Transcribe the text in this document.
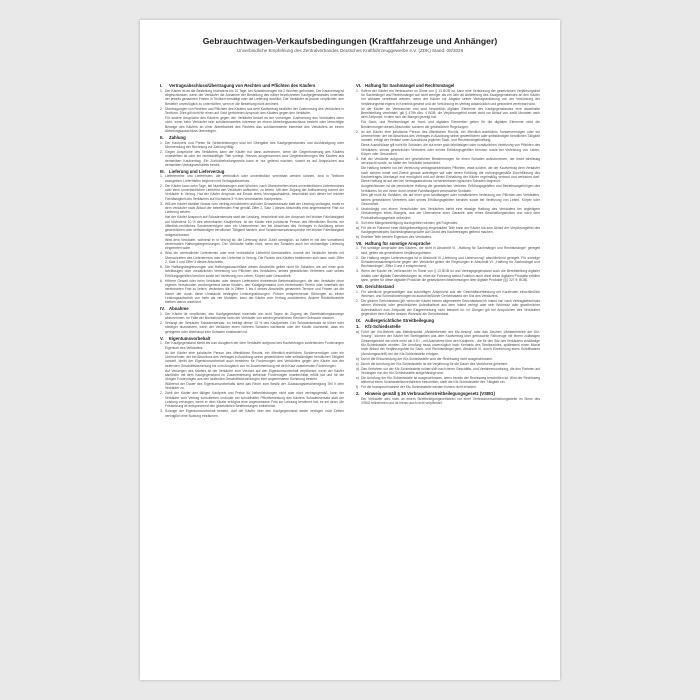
Gebrauchtwagen-Verkaufsbedingungen (Kraftfahrzeuge und Anhänger)
Unverbindliche Empfehlung des Zentralverbandes Deutsches Kraftfahrzeuggewerbe e.V. (ZDK) Stand: 08/2026
I. Vertragsabschluss/Übertragung von Rechten und Pflichten des Käufers
1. Der Käufer ist an die Bestellung höchstens bis 10 Tage, bei Nutzfahrzeugen bis 2 Wochen gebunden. Der Kaufvertrag ist abgeschlossen, wenn der Verkäufer die Annahme der Bestellung des näher bezeichneten Kaufgegenstandes innerhalb der jeweils genannten Fristen in Textform bestätigt oder die Lieferung ausführt. Der Verkäufer ist jedoch verpflichtet, den Besteller unverzüglich zu unterrichten, wenn er die Bestellung nicht annimmt.
2. Übertragungen von Rechten und Pflichten des Käufers aus dem Kaufvertrag bedürfen der Zustimmung des Verkäufers in Textform. Dies gilt nicht für einen auf Geld gerichteten Anspruch des Käufers gegen den Verkäufer.
Für andere Ansprüche des Käufers gegen den Verkäufer bedarf es der vorherigen Zustimmung des Verkäufers dann nicht, wenn beim Verkäufer kein schützenswertes Interesse an einem Abtretungsausschluss besteht oder berechtigte Belange des Käufers an einer Abtretbarkeit des Rechtes das schützenswerte Interesse des Verkäufers an einem Abtretungsausschluss überwiegen.
II. Zahlung
1. Der Kaufpreis und Preise für Nebenleistungen sind bei Übergabe des Kaufgegenstandes und Aushändigung oder Übersendung der Rechnung zur Zahlung fällig.
2. Gegen Ansprüche des Verkäufers kann der Käufer nur dann aufrechnen, wenn die Gegenforderung des Käufers unbestritten ist oder ein rechtskräftiger Titel vorliegt. Hiervon ausgenommen sind Gegenforderungen des Käufers aus demselben Kaufvertrag. Ein Zurückbehaltungsrecht kann er nur geltend machen, soweit es auf Ansprüchen aus demselben Vertragsverhältnis beruht.
III. Lieferung und Lieferverzug
1. Liefertermine und Lieferfristen, die verbindlich oder unverbindlich vereinbart werden können, sind in Textform anzugeben. Lieferfristen beginnen mit Vertragsabschluss.
2. Der Käufer kann zehn Tage, bei Nutzfahrzeugen zwei Wochen, nach Überschreiten eines unverbindlichen Liefertermines oder einer unverbindlichen Lieferfrist den Verkäufer auffordern, zu liefern. Mit dem Zugang der Aufforderung kommt der Verkäufer in Verzug. Hat der Käufer Anspruch auf Ersatz eines Verzugsschadens, beschränkt sich dieser bei leichter Fahrlässigkeit des Verkäufers auf höchstens 5 % des vereinbarten Kaufpreises.
3. Will der Käufer darüber hinaus vom Vertrag zurücktreten und/oder Schadensersatz statt der Leistung verlangen, muss er dem Verkäufer nach Ablauf der betreffenden Frist gemäß Ziffer 2, Satz 1 dieses Abschnitts eine angemessene Frist zur Lieferung setzen.
Hat der Käufer Anspruch auf Schadensersatz statt der Leistung, beschränkt sich der Anspruch bei leichter Fahrlässigkeit auf höchstens 10 % des vereinbarten Kaufpreises. Ist der Käufer eine juristische Person des öffentlichen Rechts, ein öffentlich-rechtliches Sondervermögen oder ein Unternehmer, der bei Abschluss des Vertrages in Ausübung seiner gewerblichen oder selbständigen beruflichen Tätigkeit handelt, sind Schadensersatzansprüche bei leichter Fahrlässigkeit ausgeschlossen.
Wird dem Verkäufer, während er in Verzug ist, die Lieferung durch Zufall unmöglich, so haftet er mit den vorstehend vereinbarten Haftungsbegrenzungen. Der Verkäufer haftet nicht, wenn der Schaden auch bei rechtzeitiger Lieferung eingetreten wäre.
4. Wird ein verbindlicher Liefertermin oder eine verbindliche Lieferfrist überschritten, kommt der Verkäufer bereits mit Überschreiten des Liefertermins oder der Lieferfrist in Verzug. Die Rechte des Käufers bestimmen sich dann nach Ziffer 2, Satz 3 und Ziffer 3 dieses Abschnitts.
5. Die Haftungsbegrenzungen und Haftungsausschlüsse dieses Abschnitts gelten nicht für Schäden, die auf einer grob fahrlässigen oder vorsätzlichen Verletzung von Pflichten des Verkäufers, seines gesetzlichen Vertreters oder seines Erfüllungsgehilfen beruhen sowie bei Verletzung von Leben, Körper oder Gesundheit.
6. Höhere Gewalt oder beim Verkäufer oder dessen Lieferanten eintretende Betriebsstörungen, die den Verkäufer ohne eigenes Verschulden vorübergehend daran hindern, den Kaufgegenstand zum vereinbarten Termin oder innerhalb der vereinbarten Frist zu liefern, verändern die in Ziffern 1 bis 4 dieses Abschnitts genannten Termine und Fristen um die Dauer der durch diese Umstände bedingten Leistungsstörungen. Führen entsprechende Störungen zu einem Leistungsaufschub von mehr als vier Monaten, kann der Käufer vom Vertrag zurücktreten. Andere Rücktrittsrechte bleiben davon unberührt.
IV. Abnahme
1. Der Käufer ist verpflichtet, den Kaufgegenstand innerhalb von acht Tagen ab Zugang der Bereitstellungsanzeige abzunehmen. Im Falle der Nichtabnahme kann der Verkäufer von seinen gesetzlichen Rechten Gebrauch machen.
2. Verlangt der Verkäufer Schadensersatz, so beträgt dieser 10 % des Kaufpreises. Der Schadensersatz ist höher oder niedriger anzusetzen, wenn der Verkäufer einen höheren Schaden nachweist oder der Käufer nachweist, dass ein geringerer oder überhaupt kein Schaden entstanden ist.
V. Eigentumsvorbehalt
1. Der Kaufgegenstand bleibt bis zum Ausgleich der dem Verkäufer aufgrund des Kaufvertrages zustehenden Forderungen Eigentum des Verkäufers.
Ist der Käufer eine juristische Person des öffentlichen Rechts, ein öffentlich-rechtliches Sondervermögen oder ein Unternehmer, der bei Abschluss des Vertrages in Ausübung seiner gewerblichen oder selbständigen beruflichen Tätigkeit handelt, bleibt der Eigentumsvorbehalt auch bestehen für Forderungen des Verkäufers gegen den Käufer aus der laufenden Geschäftsbeziehung bis zum Ausgleich von im Zusammenhang mit dem Kauf zustehenden Forderungen.
Auf Verlangen des Käufers ist der Verkäufer zum Verzicht auf den Eigentumsvorbehalt verpflichtet, wenn der Käufer sämtliche mit dem Kaufgegenstand im Zusammenhang stehende Forderungen unanfechtbar erfüllt hat und für die übrigen Forderungen aus den laufenden Geschäftsbeziehungen eine angemessene Sicherung besteht.
Während der Dauer des Eigentumsvorbehalts steht das Recht zum Besitz der Zulassungsbescheinigung Teil II dem Verkäufer zu.
2. Zahlt der Käufer den fälligen Kaufpreis und Preise für Nebenleistungen nicht oder nicht vertragsgemäß, kann der Verkäufer vom Vertrag zurücktreten und/oder bei schuldhafter Pflichtverletzung des Käufers Schadensersatz statt der Leistung verlangen, wenn er dem Käufer erfolglos eine angemessene Frist zur Leistung bestimmt hat, es sei denn, die Fristsetzung ist entsprechend den gesetzlichen Bestimmungen entbehrlich.
3. Solange der Eigentumsvorbehalt besteht, darf der Käufer über den Kaufgegenstand weder verfügen noch Dritten vertraglich eine Nutzung einräumen.
VI. Haftung für Sachmängel und Rechtsmängel
1. Sofern der Käufer ein Verbraucher im Sinne von § 13 BGB ist, kann eine Verkürzung der gesetzlichen Verjährungsfrist für Sachmängel und Rechtsmängel auf nicht weniger als ein Jahr ab Ablieferung des Kaufgegenstandes an den Käufer nur wirksam vereinbart werden, wenn der Käufer vor Abgabe seiner Vertragserklärung von der Verkürzung der Verjährungsfrist eigens in Kenntnis gesetzt und die Verkürzung im Vertrag ausdrücklich und gesondert vereinbart wird.
Ist der Käufer ein Verbraucher und wird hinsichtlich digitaler Elemente des Kaufgegenstandes eine dauerhafte Bereitstellung vereinbart, gilt § 475b Abs. 4 BGB; die Verjährungsfrist endet nicht vor Ablauf von zwölf Monaten nach dem Zeitpunkt, in dem sich der Mangel gezeigt hat.
Für Sach- und Rechtsmängel an Hard- und digitalen Elementen gelten für die digitalen Elemente nicht die Bestimmungen dieses Abschnitts, sondern die gesetzlichen Regelungen.
2. Ist der Käufer eine juristische Person des öffentlichen Rechts, ein öffentlich-rechtliches Sondervermögen oder ein Unternehmer, der bei Abschluss des Vertrages in Ausübung seiner gewerblichen oder selbständigen beruflichen Tätigkeit handelt, erfolgt der Verkauf unter Ausschluss jeglicher Sach- und Rechtsmängelhaftung.
Diese Ausschlüsse gilt nicht für Schäden, die auf einer grob fahrlässigen oder vorsätzlichen Verletzung von Pflichten des Verkäufers, seines gesetzlichen Vertreters oder seines Erfüllungsgehilfen beruhen sowie bei Verletzung von Leben, Körper oder Gesundheit.
3. Hat der Verkäufer aufgrund der gesetzlichen Bestimmungen für einen Schaden aufzukommen, der leicht fahrlässig verursacht wurde, so haftet der Verkäufer beschränkt.
Die Haftung besteht nur bei Verletzung vertragswesentlicher Pflichten, etwa solcher, die der Kaufvertrag dem Verkäufer nach seinem Inhalt und Zweck gerade auferlegen will oder deren Erfüllung die ordnungsgemäße Durchführung des Kaufvertrages überhaupt erst ermöglicht und auf deren Einhaltung der Käufer regelmäßig vertraut und vertrauen darf. Diese Haftung ist auf den bei Vertragsabschluss vorhersehbaren typischen Schaden begrenzt.
Ausgeschlossen ist die persönliche Haftung der gesetzlichen Vertreter, Erfüllungsgehilfen und Betriebsangehörigen des Verkäufers für von ihnen durch leichte Fahrlässigkeit verursachte Schäden.
Dies gilt nicht für Schäden, die auf einer grob fahrlässigen oder vorsätzlichen Verletzung von Pflichten des Verkäufers, seines gesetzlichen Vertreters oder seines Erfüllungsgehilfen beruhen sowie bei Verletzung von Leben, Körper oder Gesundheit.
4. Unabhängig von einem Verschulden des Verkäufers bleibt eine etwaige Haftung des Verkäufers bei arglistigem Verschweigen eines Mangels, aus der Übernahme einer Garantie oder eines Beschaffungsrisikos und nach dem Produkthaftungsgesetz unberührt.
5. Soll eine Mängelbeseitigung durchgeführt werden, gilt Folgendes:
a) Für die im Rahmen einer Mängelbeseitigung eingebauten Teile kann der Käufer bis zum Ablauf der Verjährungsfrist des Kaufgegenstandes Sachmängelansprüche auf Grund des Kaufvertrages geltend machen.
b) Ersetzte Teile werden Eigentum des Verkäufers.
VII. Haftung für sonstige Ansprüche
1. Für sonstige Ansprüche des Käufers, die nicht in Abschnitt VI. „Haftung für Sachmängel und Rechtsmängel“ geregelt sind, gelten die gesetzlichen Verjährungsfristen.
2. Die Haftung wegen Lieferverzuges ist in Abschnitt III „Lieferung und Lieferverzug“ abschließend geregelt. Für sonstige Schadensersatzansprüche gegen den Verkäufer gelten die Regelungen in Abschnitt VI. „Haftung für Sachmängel und Rechtsmängel“, Ziffer 3 und 4 entsprechend.
3. Wenn der Käufer ein Verbraucher im Sinne von § 13 BGB ist und Vertragsgegenstand auch die Bereitstellung digitaler Inhalte oder digitaler Dienstleistungen ist, etwa die Fahrzeug selbst-Funktion auch ohne diese digitalen Produkte erfüllen kann, gelten für diese digitalen Produkte die gesetzlichen Bestimmungen über digitale Produkte (§§ 327 ff. BGB).
VIII.Gerichtsstand
1. Für sämtliche gegenwärtigen und zukünftigen Ansprüche aus der Geschäftsverbindung mit Kaufleuten einschließlich Wechsel- und Scheckforderungen ist ausschließlicher Gerichtsstand der Sitz des Verkäufers.
2. Der gleiche Gerichtsstand gilt, wenn der Käufer keinen allgemeinen Gerichtsstand im Inland hat, nach Vertragsabschluss seinen Wohnsitz oder gewöhnlichen Aufenthaltsort aus dem Inland verlegt oder sein Wohnsitz oder gewöhnlicher Aufenthaltsort zum Zeitpunkt der Klageerhebung nicht bekannt ist. Im Übrigen gilt bei Ansprüchen des Verkäufers gegenüber dem Käufer dessen Wohnsitz als Gerichtsstand.
IX. Außergerichtliche Streitbeilegung
1. Kfz-Schiedsstelle
a) Führt der Kfz-Betrieb das Meisterschild „Meisterbetrieb der Kfz-Innung“ oder das Zeichen „Meisterbetrieb der Kfz-Innung“, können der Käufer bei Streitigkeiten aus dem Kaufvertrag über gebrauchte Fahrzeuge mit einem zulässigen Gesamtgewicht von nicht mehr als 3,5 t – mit Ausnahme über den Kaufpreis – die für den Sitz des Verkäufers zuständige Kfz-Schiedsstelle anrufen. Die Anrufung muss unverzüglich nach Kenntnis des Streitpunktes, spätestens einen Monat nach Ablauf der Verjährungsfrist für Sach- und Rechtsmängel gem. Abschnitt VI. durch Einreichung eines Schriftsatzes (Anrufungsschrift) bei der Kfz-Schiedsstelle erfolgen.
b) Durch die Entscheidung der Kfz-Schiedsstelle wird der Rechtsweg nicht ausgeschlossen.
c) Durch die Anrufung der Kfz-Schiedsstelle ist die Verjährung für die Dauer des Verfahrens gehemmt.
d) Das Verfahren vor der Kfz-Schiedsstelle richtet sich nach deren Geschäfts- und Verfahrensordnung, die den Parteien auf Verlangen von der Kfz-Schiedsstelle ausgehändigt wird.
e) Die Anrufung der Kfz-Schiedsstelle ist ausgeschlossen, wenn bereits der Rechtsweg beschritten ist. Wird der Rechtsweg während eines Schiedsstellenverfahrens beschritten, stellt die Kfz-Schiedsstelle ihre Tätigkeit ein.
f) Für die Inanspruchnahme der Kfz-Schiedsstelle werden Kosten nicht erhoben.
2. Hinweis gemäß § 36 Verbraucherstreitbeilegungsgesetz (VSBG)
Der Verkäufer wird nicht an einem Streitbeilegungsverfahren vor einer Verbraucherschlichtungsstelle im Sinne des VSBG teilnehmen und ist hierzu auch nicht verpflichtet.
